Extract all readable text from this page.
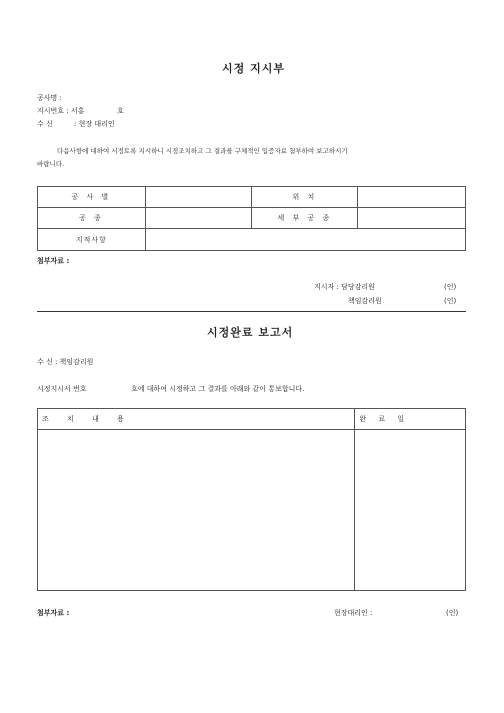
시정 지시부
공사명 :
지시번호 : 서홍	호
수 신	: 현장 대리인
다음사항에 대하여 시정토록 지시하니 시정조치하고 그 결과를 구체적인 입증자료 첨부하여 보고하시기
바랍니다.
공 사 별		위 치	
공 종		세 부 공 종	
지적사항			
첨부자료 :
지시자 : 담당감리원	(인)
책임감리원	(인)
시정완료 보고서
수 신 : 책임감리원
시정지시서 번호	호에 대하여 시정하고 그 결과를 아래와 같이 통보합니다.
조 치 내 용	완 료 일

첨부자료 :	현장대리인 :	(인)
